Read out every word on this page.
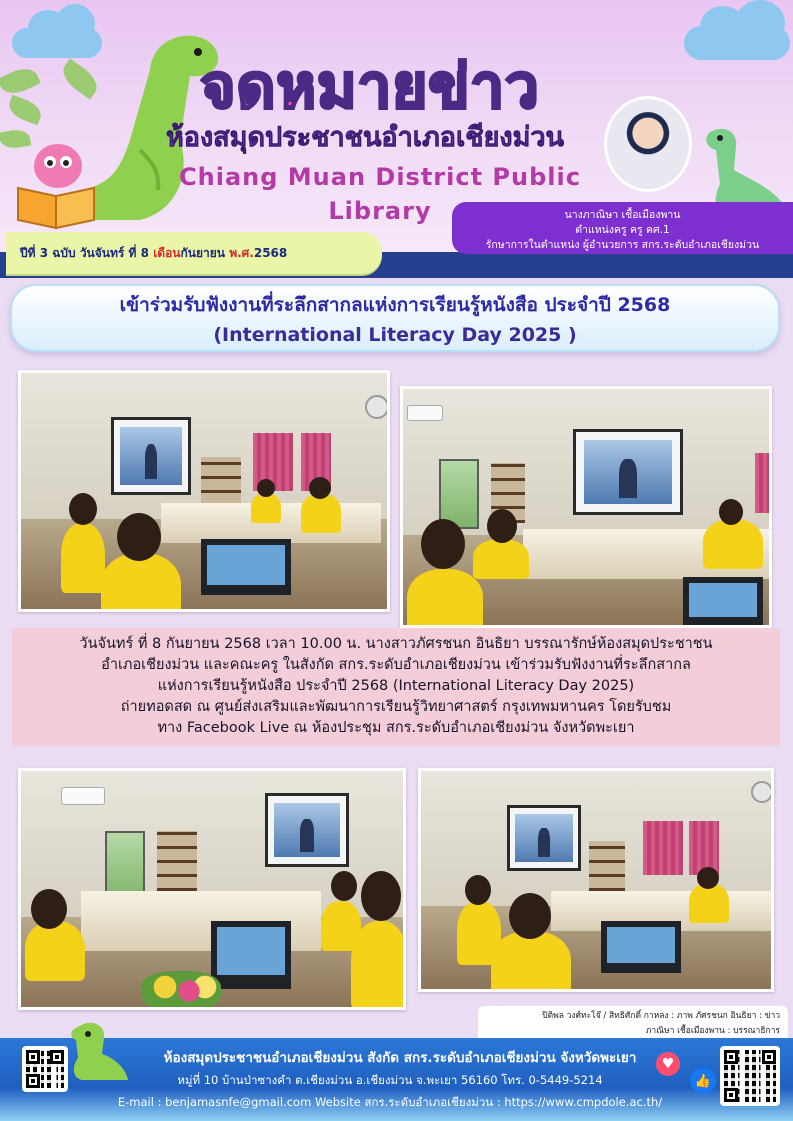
จดหมายข่าว
ห้องสมุดประชาชนอำเภอเชียงม่วน
Chiang Muan District Public Library
ปีที่ 3 ฉบับ วันจันทร์
ที่
8
เดือน กันยายน
พ.ศ. 2568
นางภาณิษา เชื้อเมืองพาน
ตำแหน่งครู ครู คศ.1
รักษาการในตำแหน่ง ผู้อำนวยการ สกร.ระดับอำเภอเชียงม่วน
เข้าร่วมรับฟังงานที่ระลึกสากลแห่งการเรียนรู้หนังสือ ประจำปี 2568
(International Literacy Day 2025 )
วันจันทร์ ที่ 8 กันยายน 2568 เวลา 10.00 น. นางสาวภัศรชนก อินธิยา บรรณารักษ์ห้องสมุดประชาชน
อำเภอเชียงม่วน และคณะครู ในสังกัด สกร.ระดับอำเภอเชียงม่วน เข้าร่วมรับฟังงานที่ระลึกสากล
แห่งการเรียนรู้หนังสือ ประจำปี 2568 (International Literacy Day 2025)
ถ่ายทอดสด ณ ศูนย์ส่งเสริมและพัฒนาการเรียนรู้วิทยาศาสตร์ กรุงเทพมหานคร โดยรับชม
ทาง Facebook Live ณ ห้องประชุม สกร.ระดับอำเภอเชียงม่วน จังหวัดพะเยา
ปิติพล วงศ์ทะโจ๊ / สิทธิศักดิ์ กาหลง : ภาพ ภัศรชนก อินธิยา : ข่าว
ภาณิษา เชื้อเมืองพาน : บรรณาธิการ
ห้องสมุดประชาชนอำเภอเชียงม่วน สังกัด สกร.ระดับอำเภอเชียงม่วน จังหวัดพะเยา
หมู่ที่ 10 บ้านป่าซางคำ ต.เชียงม่วน อ.เชียงม่วน จ.พะเยา 56160 โทร. 0-5449-5214
E-mail : benjamasnfe@gmail.com Website สกร.ระดับอำเภอเชียงม่วน : https://www.cmpdole.ac.th/
♥
👍
